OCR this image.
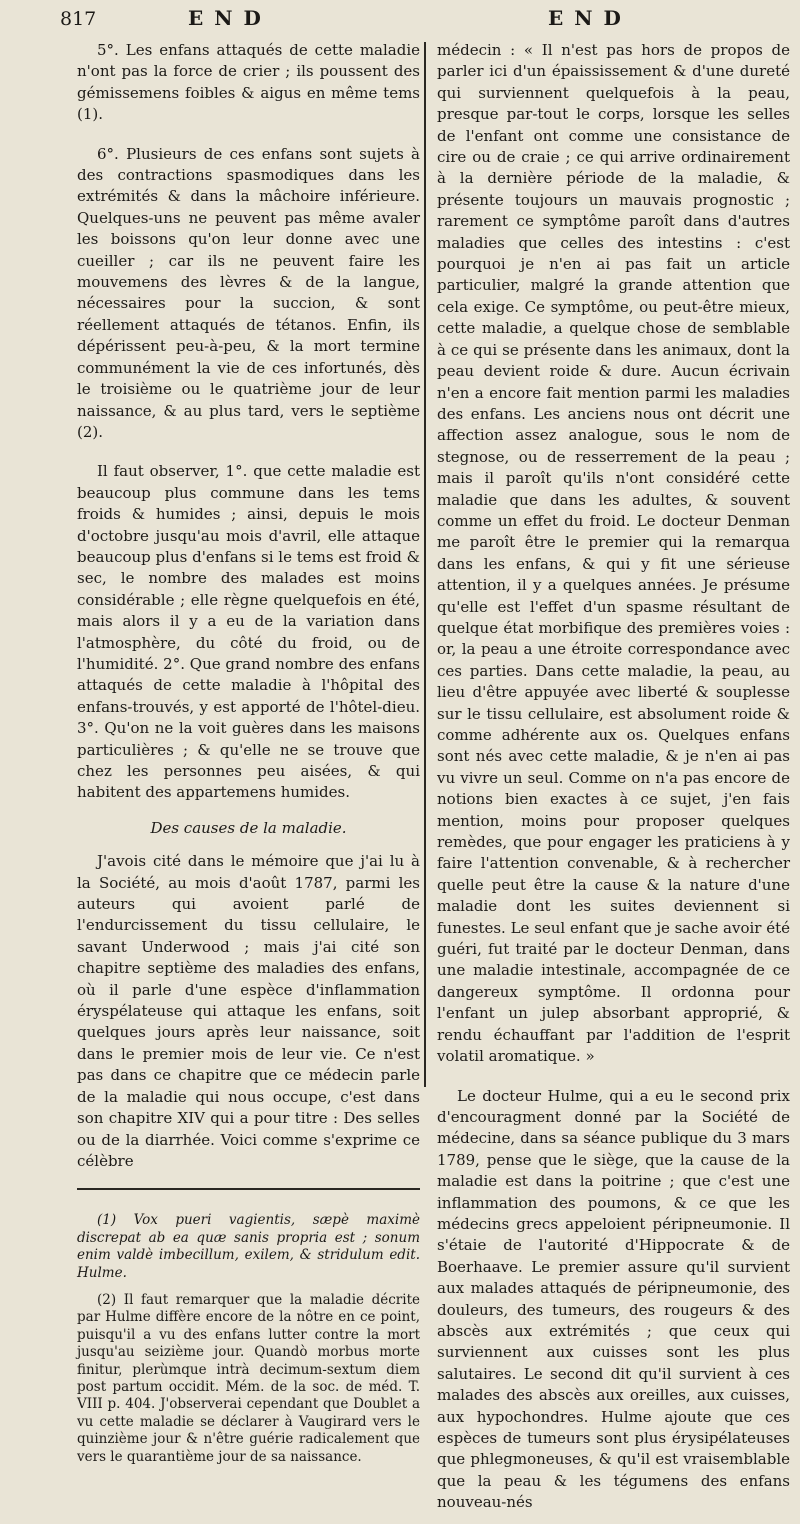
817	E N D	E N D

5°. Les enfans attaqués de cette maladie n'ont pas la force de crier ; ils poussent des gémissemens foibles & aigus en même tems (1).

6°. Plusieurs de ces enfans sont sujets à des contractions spasmodiques dans les extrémités & dans la mâchoire inférieure. Quelques-uns ne peuvent pas même avaler les boissons qu'on leur donne avec une cueiller ; car ils ne peuvent faire les mouvemens des lèvres & de la langue, nécessaires pour la succion, & sont réellement attaqués de tétanos. Enfin, ils dépérissent peu-à-peu, & la mort termine communément la vie de ces infortunés, dès le troisième ou le quatrième jour de leur naissance, & au plus tard, vers le septième (2).

Il faut observer, 1°. que cette maladie est beaucoup plus commune dans les tems froids & humides ; ainsi, depuis le mois d'octobre jusqu'au mois d'avril, elle attaque beaucoup plus d'enfans si le tems est froid & sec, le nombre des malades est moins considérable ; elle règne quelquefois en été, mais alors il y a eu de la variation dans l'atmosphère, du côté du froid, ou de l'humidité. 2°. Que grand nombre des enfans attaqués de cette maladie à l'hôpital des enfans-trouvés, y est apporté de l'hôtel-dieu. 3°. Qu'on ne la voit guères dans les maisons particulières ; & qu'elle ne se trouve que chez les personnes peu aisées, & qui habitent des appartemens humides.

Des causes de la maladie.

J'avois cité dans le mémoire que j'ai lu à la Société, au mois d'août 1787, parmi les auteurs qui avoient parlé de l'endurcissement du tissu cellulaire, le savant Underwood ; mais j'ai cité son chapitre septième des maladies des enfans, où il parle d'une espèce d'inflammation éryspélateuse qui attaque les enfans, soit quelques jours après leur naissance, soit dans le premier mois de leur vie. Ce n'est pas dans ce chapitre que ce médecin parle de la maladie qui nous occupe, c'est dans son chapitre XIV qui a pour titre : Des selles ou de la diarrhée. Voici comme s'exprime ce célèbre

(1) Vox pueri vagientis, sæpè maximè discrepat ab ea quæ sanis propria est ; sonum enim valdè imbecillum, exilem, & stridulum edit. Hulme.

(2) Il faut remarquer que la maladie décrite par Hulme diffère encore de la nôtre en ce point, puisqu'il a vu des enfans lutter contre la mort jusqu'au seizième jour. Quandò morbus morte finitur, plerùmque intrà decimum-sextum diem post partum occidit. Mém. de la soc. de méd. T. VIII p. 404. J'observerai cependant que Doublet a vu cette maladie se déclarer à Vaugirard vers le quinzième jour & n'être guérie radicalement que vers le quarantième jour de sa naissance.

médecin : « Il n'est pas hors de propos de parler ici d'un épaississement & d'une dureté qui surviennent quelquefois à la peau, presque par-tout le corps, lorsque les selles de l'enfant ont comme une consistance de cire ou de craie ; ce qui arrive ordinairement à la dernière période de la maladie, & présente toujours un mauvais prognostic ; rarement ce symptôme paroît dans d'autres maladies que celles des intestins : c'est pourquoi je n'en ai pas fait un article particulier, malgré la grande attention que cela exige. Ce symptôme, ou peut-être mieux, cette maladie, a quelque chose de semblable à ce qui se présente dans les animaux, dont la peau devient roide & dure. Aucun écrivain n'en a encore fait mention parmi les maladies des enfans. Les anciens nous ont décrit une affection assez analogue, sous le nom de stegnose, ou de resserrement de la peau ; mais il paroît qu'ils n'ont considéré cette maladie que dans les adultes, & souvent comme un effet du froid. Le docteur Denman me paroît être le premier qui la remarqua dans les enfans, & qui y fit une sérieuse attention, il y a quelques années. Je présume qu'elle est l'effet d'un spasme résultant de quelque état morbifique des premières voies : or, la peau a une étroite correspondance avec ces parties. Dans cette maladie, la peau, au lieu d'être appuyée avec liberté & souplesse sur le tissu cellulaire, est absolument roide & comme adhérente aux os. Quelques enfans sont nés avec cette maladie, & je n'en ai pas vu vivre un seul. Comme on n'a pas encore de notions bien exactes à ce sujet, j'en fais mention, moins pour proposer quelques remèdes, que pour engager les praticiens à y faire l'attention convenable, & à rechercher quelle peut être la cause & la nature d'une maladie dont les suites deviennent si funestes. Le seul enfant que je sache avoir été guéri, fut traité par le docteur Denman, dans une maladie intestinale, accompagnée de ce dangereux symptôme. Il ordonna pour l'enfant un julep absorbant approprié, & rendu échauffant par l'addition de l'esprit volatil aromatique. »

Le docteur Hulme, qui a eu le second prix d'encouragment donné par la Société de médecine, dans sa séance publique du 3 mars 1789, pense que le siège, que la cause de la maladie est dans la poitrine ; que c'est une inflammation des poumons, & ce que les médecins grecs appeloient péripneumonie. Il s'étaie de l'autorité d'Hippocrate & de Boerhaave. Le premier assure qu'il survient aux malades attaqués de péripneumonie, des douleurs, des tumeurs, des rougeurs & des abscès aux extrémités ; que ceux qui surviennent aux cuisses sont les plus salutaires. Le second dit qu'il survient à ces malades des abscès aux oreilles, aux cuisses, aux hypochondres. Hulme ajoute que ces espèces de tumeurs sont plus érysipélateuses que phlegmoneuses, & qu'il est vraisemblable que la peau & les tégumens des enfans nouveau-nés
